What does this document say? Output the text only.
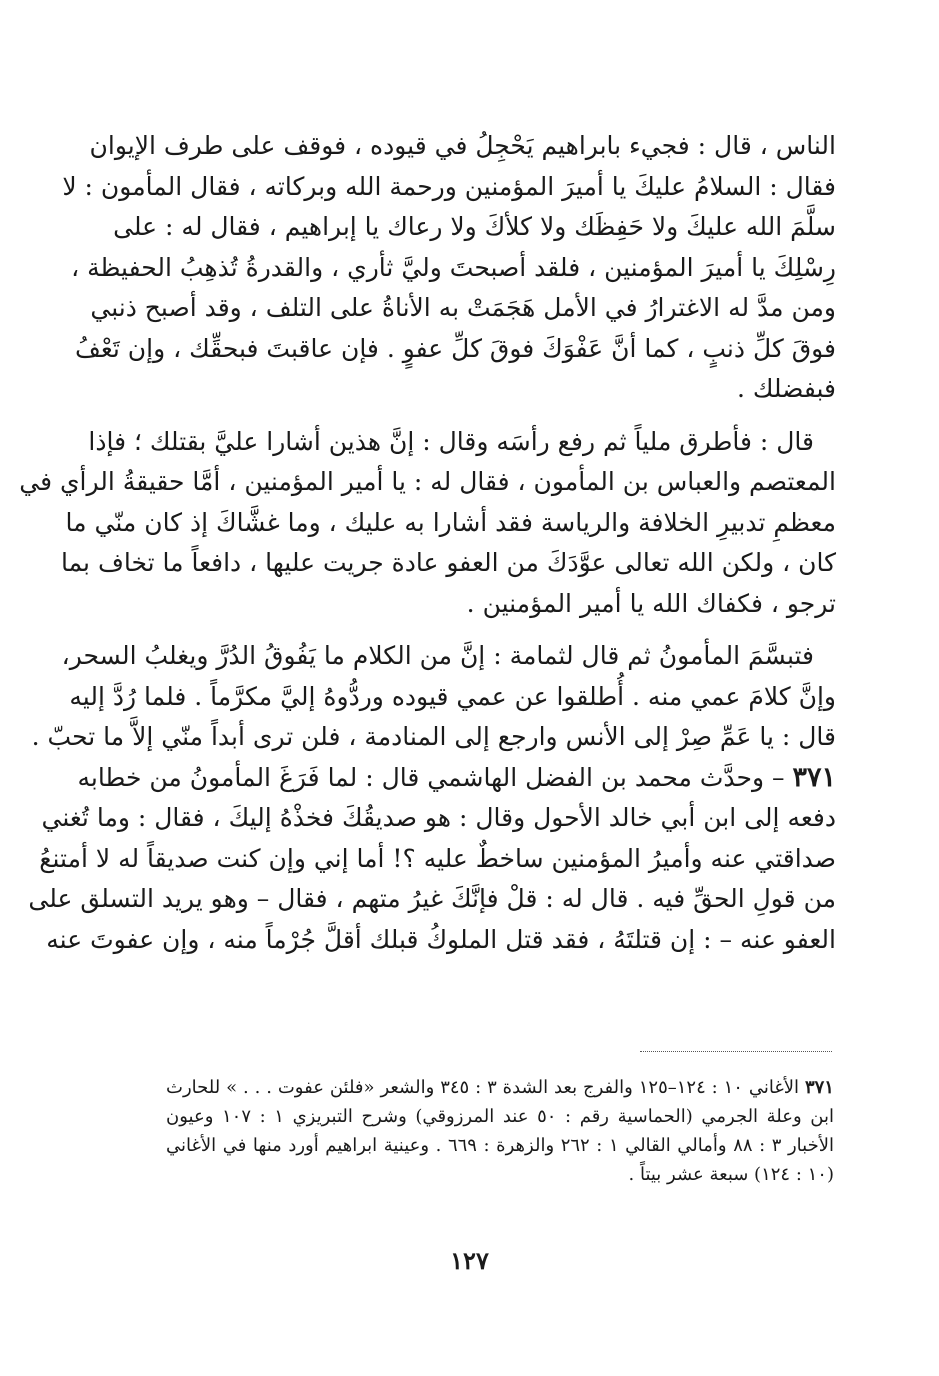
الناس ، قال : فجيء بابراهيم يَحْجِلُ في قيوده ، فوقف على طرف الإيوان
فقال : السلامُ عليكَ يا أميرَ المؤمنين ورحمة الله وبركاته ، فقال المأمون : لا
سلَّمَ الله عليكَ ولا حَفِظَك ولا كلأكَ ولا رعاك يا إبراهيم ، فقال له : على
رِسْلِكَ يا أميرَ المؤمنين ، فلقد أصبحتَ وليَّ ثأري ، والقدرةُ تُذهِبُ الحفيظة ،
ومن مدَّ له الاغترارُ في الأمل هَجَمَتْ به الأناةُ على التلف ، وقد أصبح ذنبي
فوقَ كلِّ ذنبٍ ، كما أنَّ عَفْوَكَ فوقَ كلِّ عفوٍ . فإن عاقبتَ فبحقِّك ، وإن تَعْفُ
فبفضلك .
قال : فأطرق ملياً ثم رفع رأسَه وقال : إنَّ هذين أشارا عليَّ بقتلك ؛ فإذا
المعتصم والعباس بن المأمون ، فقال له : يا أمير المؤمنين ، أمَّا حقيقةُ الرأي في
معظمِ تدبيرِ الخلافة والرياسة فقد أشارا به عليك ، وما غشَّاكَ إذ كان منّي ما
كان ، ولكن الله تعالى عوَّدَكَ من العفو عادة جريت عليها ، دافعاً ما تخاف بما
ترجو ، فكفاك الله يا أمير المؤمنين .
فتبسَّمَ المأمونُ ثم قال لثمامة : إنَّ من الكلام ما يَفُوقُ الدُرَّ ويغلبُ السحر،
وإنَّ كلامَ عمي منه . أُطلقوا عن عمي قيوده وردُّوهُ إليَّ مكرَّماً . فلما رُدَّ إليه
قال : يا عَمِّ صِرْ إلى الأنس وارجع إلى المنادمة ، فلن ترى أبداً منّي إلاَّ ما تحبّ .
٣٧١ – وحدَّث محمد بن الفضل الهاشمي قال : لما فَرَغَ المأمونُ من خطابه
دفعه إلى ابن أبي خالد الأحول وقال : هو صديقُكَ فخذْهُ إليكَ ، فقال : وما تُغني
صداقتي عنه وأميرُ المؤمنين ساخطٌ عليه ؟! أما إني وإن كنت صديقاً له لا أمتنعُ
من قولِ الحقِّ فيه . قال له : قلْ فإنَّكَ غيرُ متهم ، فقال – وهو يريد التسلق على
العفو عنه – : إن قتلتَهُ ، فقد قتل الملوكُ قبلك أقلَّ جُرْماً منه ، وإن عفوتَ عنه
٣٧١ الأغاني ١٠ : ١٢٤–١٢٥ والفرج بعد الشدة ٣ : ٣٤٥ والشعر «فلئن عفوت . . . » للحارث
ابن وعلة الجرمي (الحماسية رقم : ٥٠ عند المرزوقي) وشرح التبريزي ١ : ١٠٧ وعيون
الأخبار ٣ : ٨٨ وأمالي القالي ١ : ٢٦٢ والزهرة : ٦٦٩ . وعينية ابراهيم أورد منها في الأغاني
(١٠ : ١٢٤) سبعة عشر بيتاً .
١٢٧
